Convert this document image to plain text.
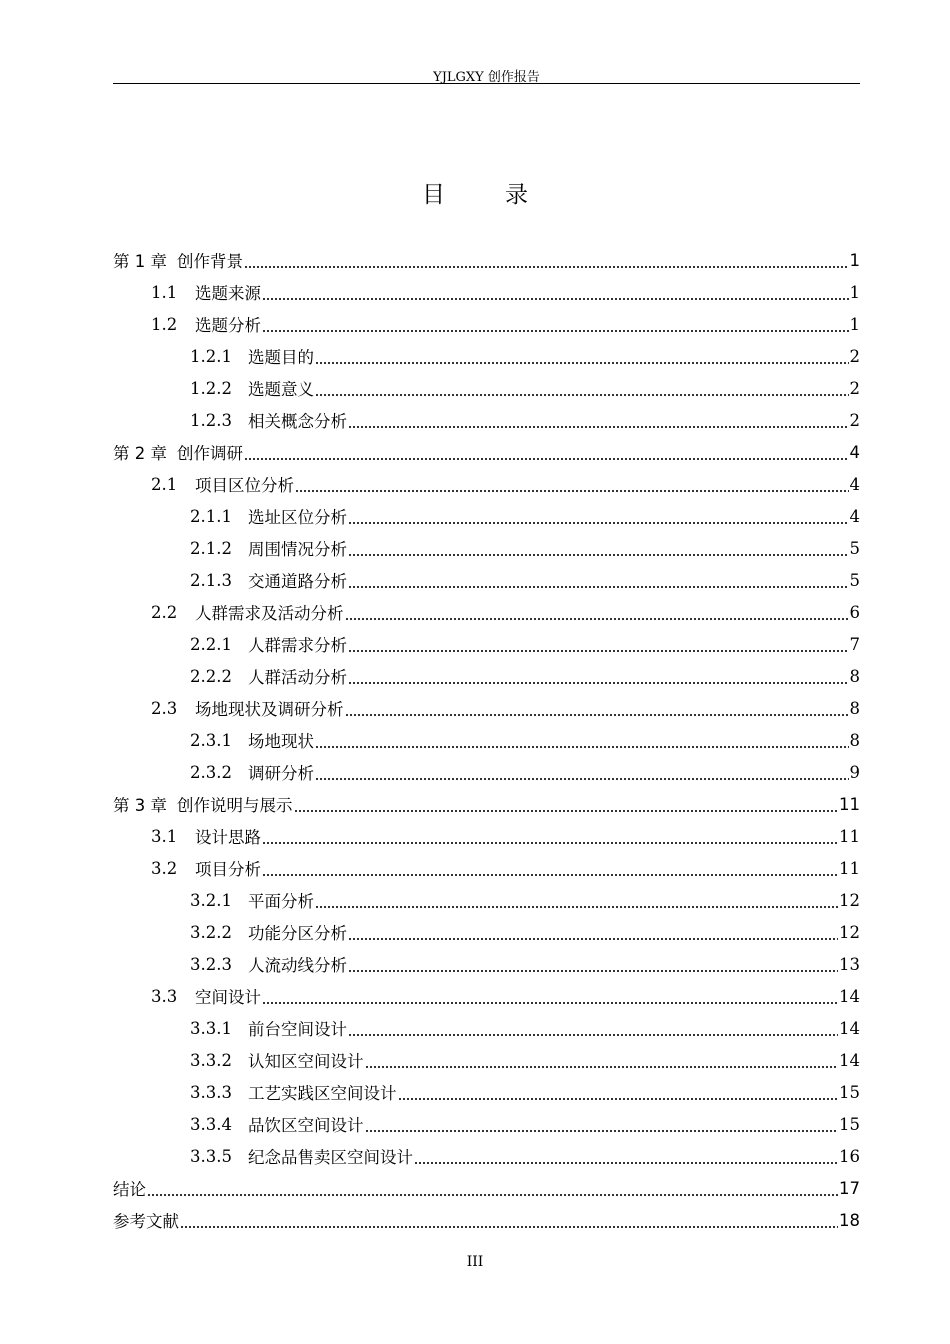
YJLGXY 创作报告
目录
第 1 章 创作背景	1
1.1	选题来源	1
1.2	选题分析	1
1.2.1 选题目的	2
1.2.2 选题意义	2
1.2.3 相关概念分析	2
第 2 章 创作调研	4
2.1	项目区位分析	4
2.1.1 选址区位分析	4
2.1.2 周围情况分析	5
2.1.3 交通道路分析	5
2.2	人群需求及活动分析	6
2.2.1 人群需求分析	7
2.2.2 人群活动分析	8
2.3	场地现状及调研分析	8
2.3.1 场地现状	8
2.3.2 调研分析	9
第 3 章 创作说明与展示	11
3.1	设计思路	11
3.2	项目分析	11
3.2.1 平面分析	12
3.2.2 功能分区分析	12
3.2.3 人流动线分析	13
3.3	空间设计	14
3.3.1 前台空间设计	14
3.3.2 认知区空间设计	14
3.3.3 工艺实践区空间设计	15
3.3.4 品饮区空间设计	15
3.3.5 纪念品售卖区空间设计	16
结论	17
参考文献	18
III
